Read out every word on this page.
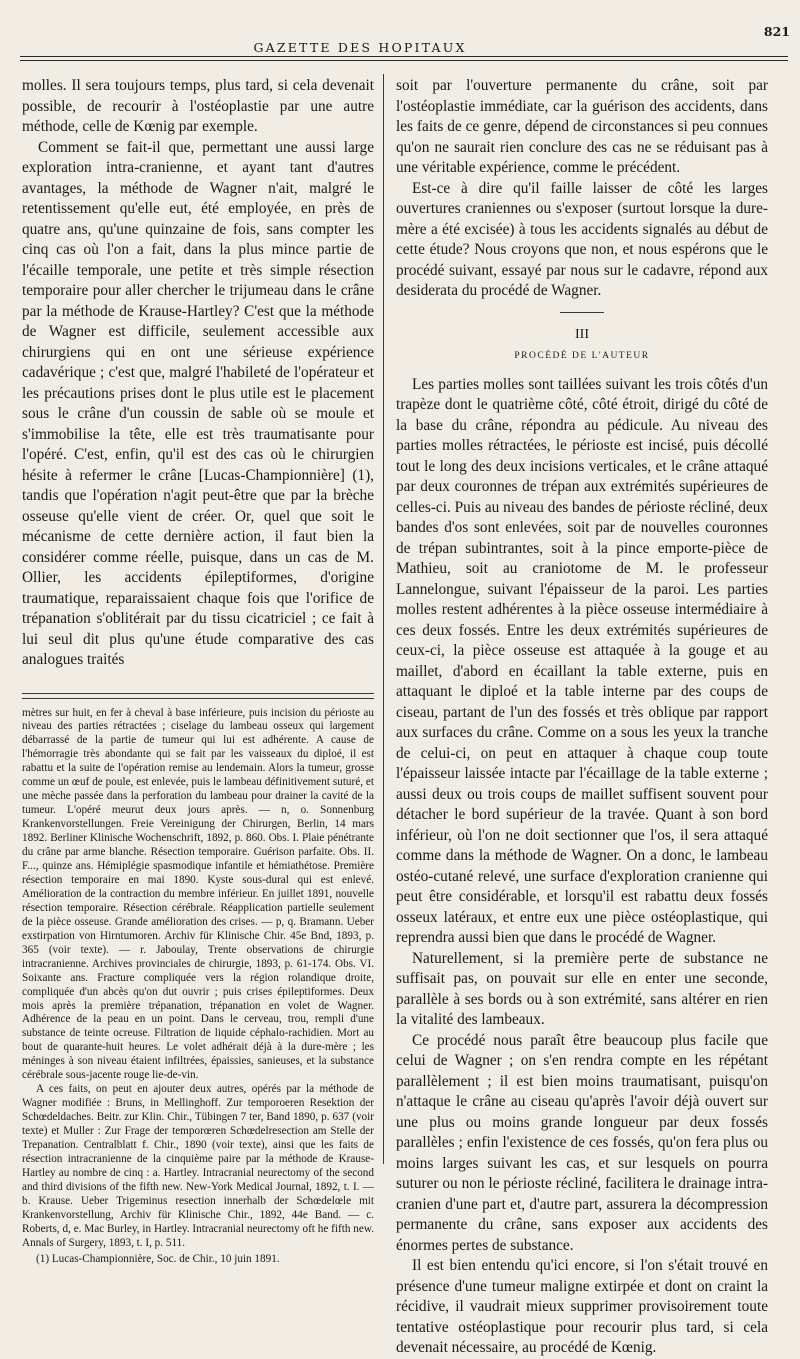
GAZETTE DES HOPITAUX
821

molles. Il sera toujours temps, plus tard, si cela devenait possible, de recourir à l'ostéoplastie par une autre méthode, celle de Kœnig par exemple.

Comment se fait-il que, permettant une aussi large exploration intra-cranienne, et ayant tant d'autres avantages, la méthode de Wagner n'ait, malgré le retentissement qu'elle eut, été employée, en près de quatre ans, qu'une quinzaine de fois, sans compter les cinq cas où l'on a fait, dans la plus mince partie de l'écaille temporale, une petite et très simple résection temporaire pour aller chercher le trijumeau dans le crâne par la méthode de Krause-Hartley? C'est que la méthode de Wagner est difficile, seulement accessible aux chirurgiens qui en ont une sérieuse expérience cadavérique ; c'est que, malgré l'habileté de l'opérateur et les précautions prises dont le plus utile est le placement sous le crâne d'un coussin de sable où se moule et s'immobilise la tête, elle est très traumatisante pour l'opéré. C'est, enfin, qu'il est des cas où le chirurgien hésite à refermer le crâne [Lucas-Championnière] (1), tandis que l'opération n'agit peut-être que par la brèche osseuse qu'elle vient de créer. Or, quel que soit le mécanisme de cette dernière action, il faut bien la considérer comme réelle, puisque, dans un cas de M. Ollier, les accidents épileptiformes, d'origine traumatique, reparaissaient chaque fois que l'orifice de trépanation s'oblitérait par du tissu cicatriciel ; ce fait à lui seul dit plus qu'une étude comparative des cas analogues traités

mètres sur huit, en fer à cheval à base inférieure, puis incision du périoste au niveau des parties rétractées ; ciselage du lambeau osseux qui largement débarrassé de la partie de tumeur qui lui est adhérente. A cause de l'hémorragie très abondante qui se fait par les vaisseaux du diploé, il est rabattu et la suite de l'opération remise au lendemain. Alors la tumeur, grosse comme un œuf de poule, est enlevée, puis le lambeau définitivement suturé, et une mèche passée dans la perforation du lambeau pour drainer la cavité de la tumeur. L'opéré meurut deux jours après. — n, o. Sonnenburg Krankenvorstellungen. Freie Vereinigung der Chirurgen, Berlin, 14 mars 1892. Berliner Klinische Wochenschrift, 1892, p. 860. Obs. I. Plaie pénétrante du crâne par arme blanche. Résection temporaire. Guérison parfaite. Obs. II. F..., quinze ans. Hémiplégie spasmodique infantile et hémiathétose. Première résection temporaire en mai 1890. Kyste sous-dural qui est enlevé. Amélioration de la contraction du membre inférieur. En juillet 1891, nouvelle résection temporaire. Résection cérébrale. Réapplication partielle seulement de la pièce osseuse. Grande amélioration des crises. — p, q. Bramann. Ueber exstirpation von Hirntumoren. Archiv für Klinische Chir. 45e Bnd, 1893, p. 365 (voir texte). — r. Jaboulay, Trente observations de chirurgie intracranienne. Archives provinciales de chirurgie, 1893, p. 61-174. Obs. VI. Soixante ans. Fracture compliquée vers la région rolandique droite, compliquée d'un abcès qu'on dut ouvrir ; puis crises épileptiformes. Deux mois après la première trépanation, trépanation en volet de Wagner. Adhérence de la peau en un point. Dans le cerveau, trou, rempli d'une substance de teinte ocreuse. Filtration de liquide céphalo-rachidien. Mort au bout de quarante-huit heures. Le volet adhérait déjà à la dure-mère ; les méninges à son niveau étaient infiltrées, épaissies, sanieuses, et la substance cérébrale sous-jacente rouge lie-de-vin.

A ces faits, on peut en ajouter deux autres, opérés par la méthode de Wagner modifiée : Bruns, in Mellinghoff. Zur temporoeren Resektion der Schœdeldaches. Beitr. zur Klin. Chir., Tübingen 7 ter, Band 1890, p. 637 (voir texte) et Muller : Zur Frage der temporœren Schœdelresection am Stelle der Trepanation. Centralblatt f. Chir., 1890 (voir texte), ainsi que les faits de résection intracranienne de la cinquième paire par la méthode de Krause-Hartley au nombre de cinq : a. Hartley. Intracranial neurectomy of the second and third divisions of the fifth new. New-York Medical Journal, 1892, t. I. — b. Krause. Ueber Trigeminus resection innerhalb der Schœdelœle mit Krankenvorstellung, Archiv für Klinische Chir., 1892, 44e Band. — c. Roberts, d, e. Mac Burley, in Hartley. Intracranial neurectomy oft he fifth new. Annals of Surgery, 1893, t. I, p. 511.

(1) Lucas-Championnière, Soc. de Chir., 10 juin 1891.

soit par l'ouverture permanente du crâne, soit par l'ostéoplastie immédiate, car la guérison des accidents, dans les faits de ce genre, dépend de circonstances si peu connues qu'on ne saurait rien conclure des cas ne se réduisant pas à une véritable expérience, comme le précédent.

Est-ce à dire qu'il faille laisser de côté les larges ouvertures craniennes ou s'exposer (surtout lorsque la dure-mère a été excisée) à tous les accidents signalés au début de cette étude? Nous croyons que non, et nous espérons que le procédé suivant, essayé par nous sur le cadavre, répond aux desiderata du procédé de Wagner.

III
PROCÉDÉ DE L'AUTEUR

Les parties molles sont taillées suivant les trois côtés d'un trapèze dont le quatrième côté, côté étroit, dirigé du côté de la base du crâne, répondra au pédicule. Au niveau des parties molles rétractées, le périoste est incisé, puis décollé tout le long des deux incisions verticales, et le crâne attaqué par deux couronnes de trépan aux extrémités supérieures de celles-ci. Puis au niveau des bandes de périoste récliné, deux bandes d'os sont enlevées, soit par de nouvelles couronnes de trépan subintrantes, soit à la pince emporte-pièce de Mathieu, soit au craniotome de M. le professeur Lannelongue, suivant l'épaisseur de la paroi. Les parties molles restent adhérentes à la pièce osseuse intermédiaire à ces deux fossés. Entre les deux extrémités supérieures de ceux-ci, la pièce osseuse est attaquée à la gouge et au maillet, d'abord en écaillant la table externe, puis en attaquant le diploé et la table interne par des coups de ciseau, partant de l'un des fossés et très oblique par rapport aux surfaces du crâne. Comme on a sous les yeux la tranche de celui-ci, on peut en attaquer à chaque coup toute l'épaisseur laissée intacte par l'écaillage de la table externe ; aussi deux ou trois coups de maillet suffisent souvent pour détacher le bord supérieur de la travée. Quant à son bord inférieur, où l'on ne doit sectionner que l'os, il sera attaqué comme dans la méthode de Wagner. On a donc, le lambeau ostéo-cutané relevé, une surface d'exploration cranienne qui peut être considérable, et lorsqu'il est rabattu deux fossés osseux latéraux, et entre eux une pièce ostéoplastique, qui reprendra aussi bien que dans le procédé de Wagner.

Naturellement, si la première perte de substance ne suffisait pas, on pouvait sur elle en enter une seconde, parallèle à ses bords ou à son extrémité, sans altérer en rien la vitalité des lambeaux.

Ce procédé nous paraît être beaucoup plus facile que celui de Wagner ; on s'en rendra compte en les répétant parallèlement ; il est bien moins traumatisant, puisqu'on n'attaque le crâne au ciseau qu'après l'avoir déjà ouvert sur une plus ou moins grande longueur par deux fossés parallèles ; enfin l'existence de ces fossés, qu'on fera plus ou moins larges suivant les cas, et sur lesquels on pourra suturer ou non le périoste récliné, facilitera le drainage intra-cranien d'une part et, d'autre part, assurera la décompression permanente du crâne, sans exposer aux accidents des énormes pertes de substance.

Il est bien entendu qu'ici encore, si l'on s'était trouvé en présence d'une tumeur maligne extirpée et dont on craint la récidive, il vaudrait mieux supprimer provisoirement toute tentative ostéoplastique pour recourir plus tard, si cela devenait nécessaire, au procédé de Kœnig.
